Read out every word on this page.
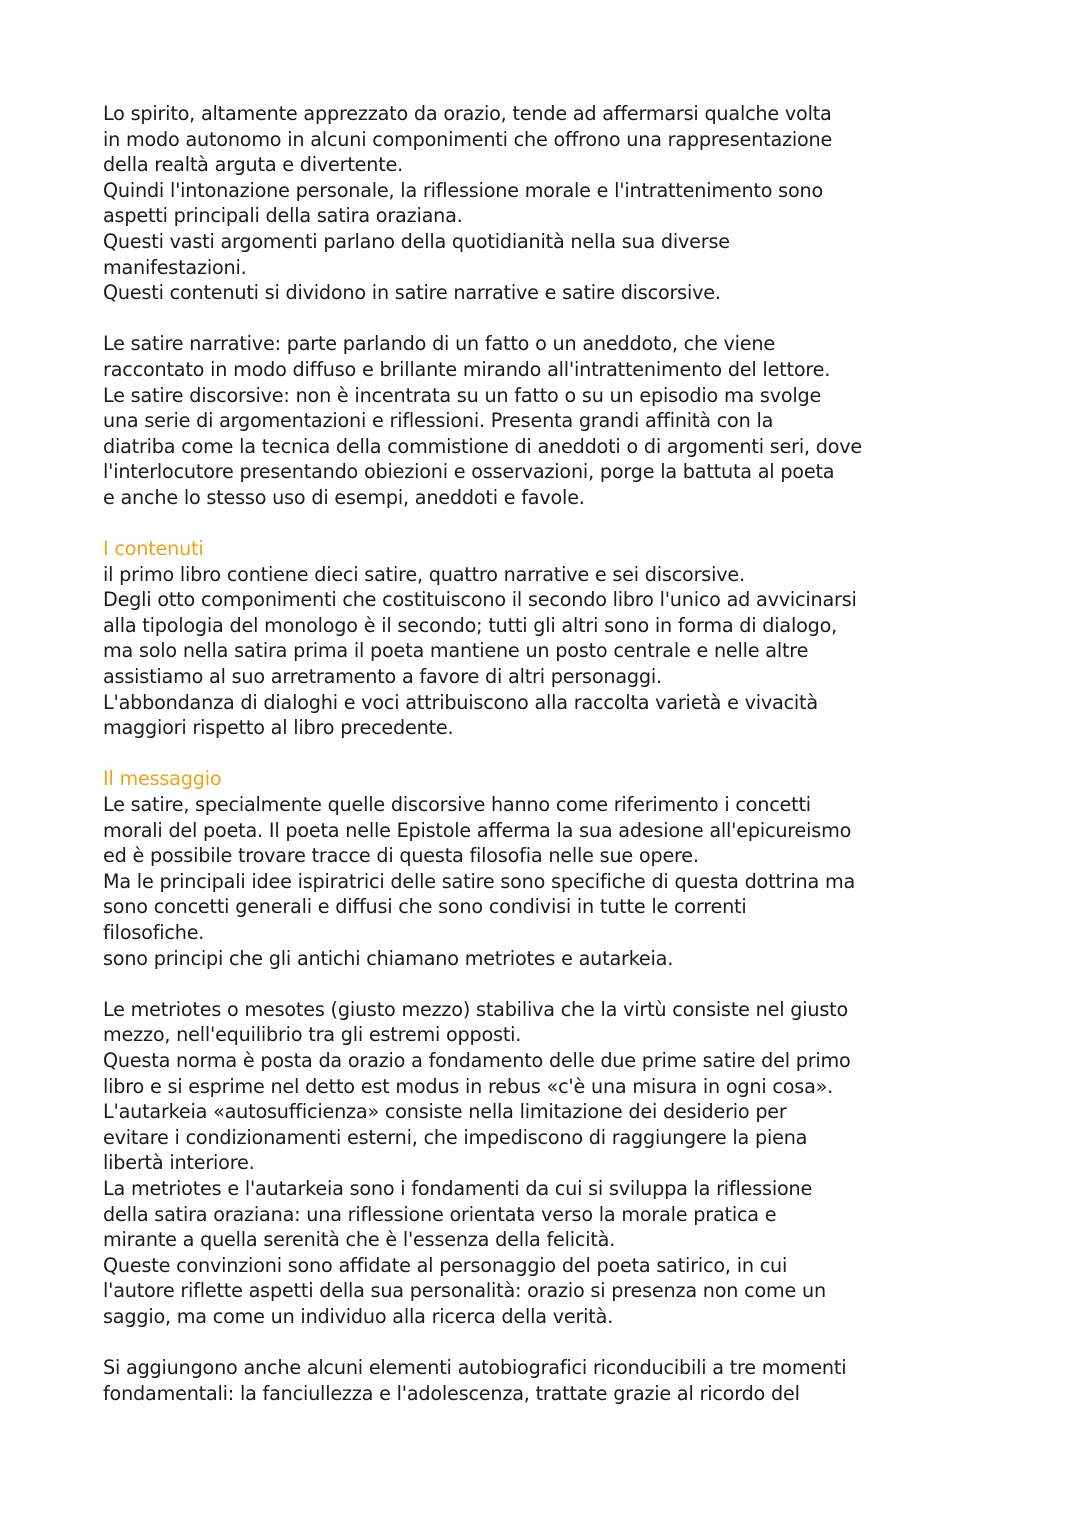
Lo spirito, altamente apprezzato da orazio, tende ad affermarsi qualche volta
in modo autonomo in alcuni componimenti che offrono una rappresentazione
della realtà arguta e divertente.
Quindi l'intonazione personale, la riflessione morale e l'intrattenimento sono
aspetti principali della satira oraziana.
Questi vasti argomenti parlano della quotidianità nella sua diverse
manifestazioni.
Questi contenuti si dividono in satire narrative e satire discorsive.
Le satire narrative: parte parlando di un fatto o un aneddoto, che viene
raccontato in modo diffuso e brillante mirando all'intrattenimento del lettore.
Le satire discorsive: non è incentrata su un fatto o su un episodio ma svolge
una serie di argomentazioni e riflessioni. Presenta grandi affinità con la
diatriba come la tecnica della commistione di aneddoti o di argomenti seri, dove
l'interlocutore presentando obiezioni e osservazioni, porge la battuta al poeta
e anche lo stesso uso di esempi, aneddoti e favole.
I contenuti
il primo libro contiene dieci satire, quattro narrative e sei discorsive.
Degli otto componimenti che costituiscono il secondo libro l'unico ad avvicinarsi
alla tipologia del monologo è il secondo; tutti gli altri sono in forma di dialogo,
ma solo nella satira prima il poeta mantiene un posto centrale e nelle altre
assistiamo al suo arretramento a favore di altri personaggi.
L'abbondanza di dialoghi e voci attribuiscono alla raccolta varietà e vivacità
maggiori rispetto al libro precedente.
Il messaggio
Le satire, specialmente quelle discorsive hanno come riferimento i concetti
morali del poeta. Il poeta nelle Epistole afferma la sua adesione all'epicureismo
ed è possibile trovare tracce di questa filosofia nelle sue opere.
Ma le principali idee ispiratrici delle satire sono specifiche di questa dottrina ma
sono concetti generali e diffusi che sono condivisi in tutte le correnti
filosofiche.
sono principi che gli antichi chiamano metriotes e autarkeia.
Le metriotes o mesotes (giusto mezzo) stabiliva che la virtù consiste nel giusto
mezzo, nell'equilibrio tra gli estremi opposti.
Questa norma è posta da orazio a fondamento delle due prime satire del primo
libro e si esprime nel detto est modus in rebus «c'è una misura in ogni cosa».
L'autarkeia «autosufficienza» consiste nella limitazione dei desiderio per
evitare i condizionamenti esterni, che impediscono di raggiungere la piena
libertà interiore.
La metriotes e l'autarkeia sono i fondamenti da cui si sviluppa la riflessione
della satira oraziana: una riflessione orientata verso la morale pratica e
mirante a quella serenità che è l'essenza della felicità.
Queste convinzioni sono affidate al personaggio del poeta satirico, in cui
l'autore riflette aspetti della sua personalità: orazio si presenza non come un
saggio, ma come un individuo alla ricerca della verità.
Si aggiungono anche alcuni elementi autobiografici riconducibili a tre momenti
fondamentali: la fanciullezza e l'adolescenza, trattate grazie al ricordo del
